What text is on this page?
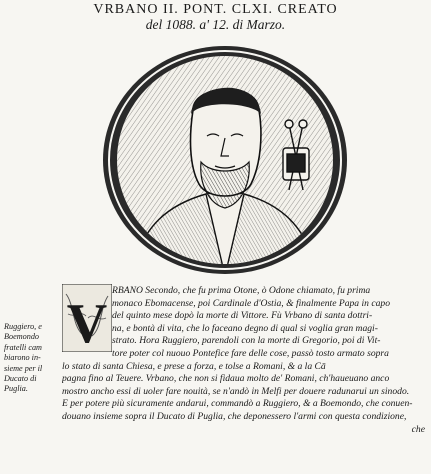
VRBANO II. PONT. CLXI. CREATO
del 1088. a' 12. di Marzo.
V
Ruggiero, e
Boemondo
fratelli cam
biarono in-
sieme per il
Ducato di
Puglia.
RBANO Secondo, che fu prima Otone, ò Odone chiamato, fu prima
monaco Ebomacense, poi Cardinale d'Ostia, & finalmente Papa in capo
del quinto mese dopò la morte di Vittore. Fù Vrbano di santa dottri-
na, e bontà di vita, che lo faceano degno di qual si voglia gran magi-
strato. Hora Ruggiero, parendoli con la morte di Gregorio, poi di Vit-
tore poter col nuouo Pontefice fare delle cose, passò tosto armato sopra
lo stato di santa Chiesa, e prese a forza, e tolse a Romani, & a la Cā
pagna fino al Teuere. Vrbano, che non si fidaua molto de' Romani, ch'haueuano anco
mostro ancho essi di uoler fare nouità, se n'andò in Melfi per douere radunarui un sinodo.
E per potere più sicuramente andarui, commandò a Ruggiero, & a Boemondo, che conuen-
douano insieme sopra il Ducato di Puglia, che deponessero l'armi con questa condizione,
che
